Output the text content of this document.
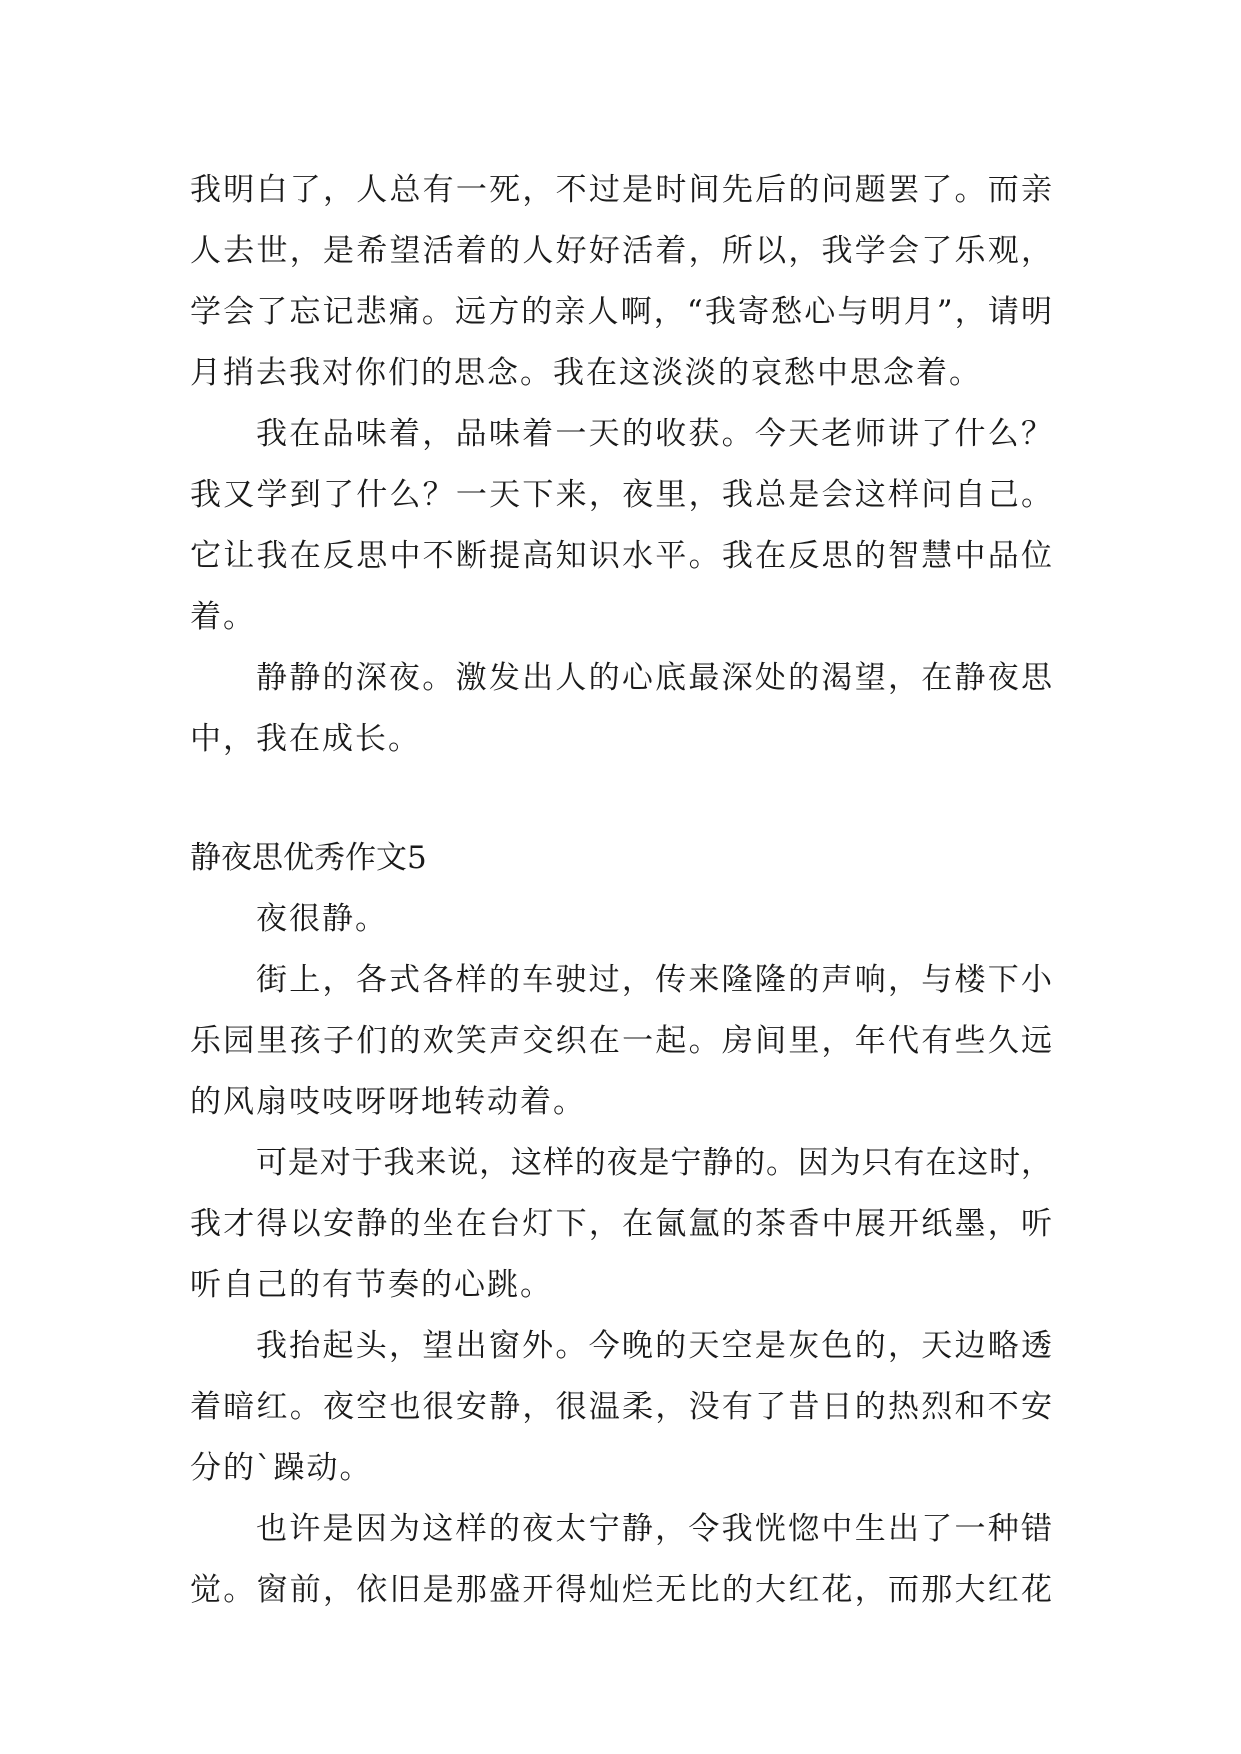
我明白了，人总有一死，不过是时间先后的问题罢了。而亲
人去世，是希望活着的人好好活着，所以，我学会了乐观，
学会了忘记悲痛。远方的亲人啊，“我寄愁心与明月”，请明
月捎去我对你们的思念。我在这淡淡的哀愁中思念着。
我在品味着，品味着一天的收获。今天老师讲了什么？
我又学到了什么？一天下来，夜里，我总是会这样问自己。
它让我在反思中不断提高知识水平。我在反思的智慧中品位
着。
静静的深夜。激发出人的心底最深处的渴望，在静夜思
中，我在成长。
静夜思优秀作文5
夜很静。
街上，各式各样的车驶过，传来隆隆的声响，与楼下小
乐园里孩子们的欢笑声交织在一起。房间里，年代有些久远
的风扇吱吱呀呀地转动着。
可是对于我来说，这样的夜是宁静的。因为只有在这时，
我才得以安静的坐在台灯下，在氤氲的茶香中展开纸墨，听
听自己的有节奏的心跳。
我抬起头，望出窗外。今晚的天空是灰色的，天边略透
着暗红。夜空也很安静，很温柔，没有了昔日的热烈和不安
分的`躁动。
也许是因为这样的夜太宁静，令我恍惚中生出了一种错
觉。窗前，依旧是那盛开得灿烂无比的大红花，而那大红花
